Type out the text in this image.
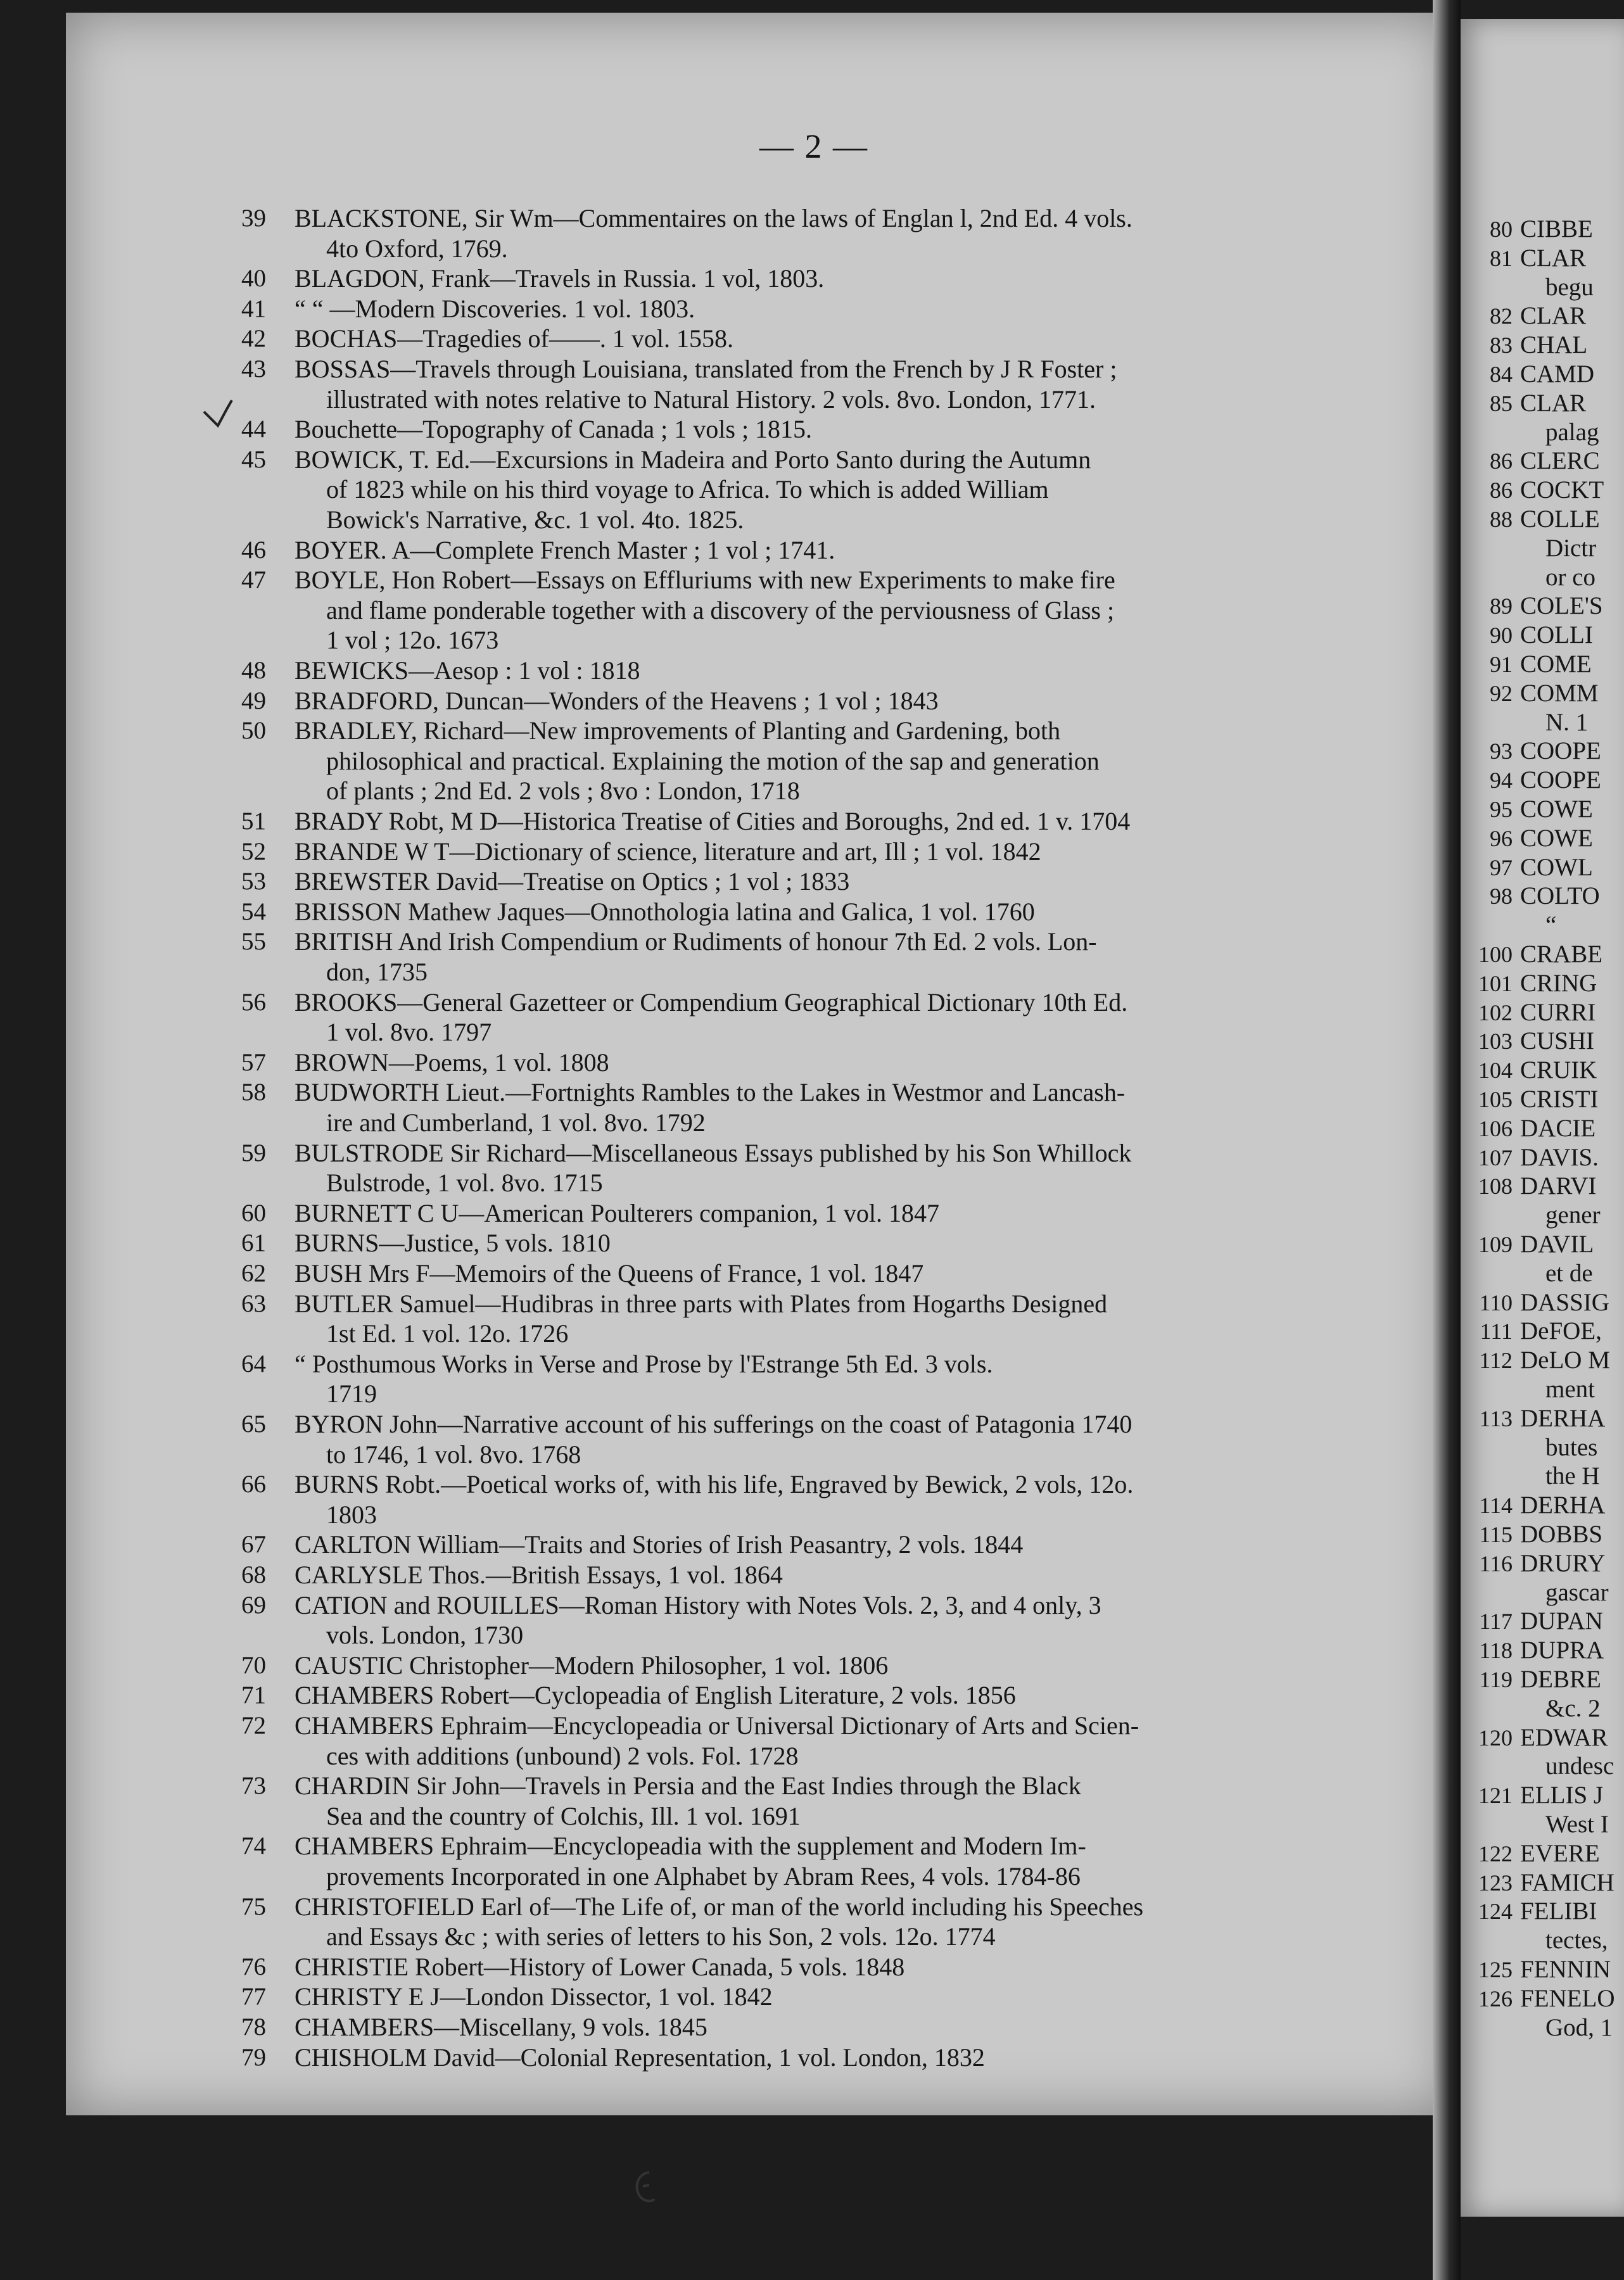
— 2 —
39 BLACKSTONE, Sir Wm—Commentaires on the laws of Englan l, 2nd Ed. 4 vols.
4to Oxford, 1769.
40 BLAGDON, Frank—Travels in Russia. 1 vol, 1803.
41 “ “ —Modern Discoveries. 1 vol. 1803.
42 BOCHAS—Tragedies of——. 1 vol. 1558.
43 BOSSAS—Travels through Louisiana, translated from the French by J R Foster ;
illustrated with notes relative to Natural History. 2 vols. 8vo. London, 1771.
44 Bouchette—Topography of Canada ; 1 vols ; 1815.
45 BOWICK, T. Ed.—Excursions in Madeira and Porto Santo during the Autumn
of 1823 while on his third voyage to Africa. To which is added William
Bowick's Narrative, &c. 1 vol. 4to. 1825.
46 BOYER. A—Complete French Master ; 1 vol ; 1741.
47 BOYLE, Hon Robert—Essays on Effluriums with new Experiments to make fire
and flame ponderable together with a discovery of the perviousness of Glass ;
1 vol ; 12o. 1673
48 BEWICKS—Aesop : 1 vol : 1818
49 BRADFORD, Duncan—Wonders of the Heavens ; 1 vol ; 1843
50 BRADLEY, Richard—New improvements of Planting and Gardening, both
philosophical and practical. Explaining the motion of the sap and generation
of plants ; 2nd Ed. 2 vols ; 8vo : London, 1718
51 BRADY Robt, M D—Historica Treatise of Cities and Boroughs, 2nd ed. 1 v. 1704
52 BRANDE W T—Dictionary of science, literature and art, Ill ; 1 vol. 1842
53 BREWSTER David—Treatise on Optics ; 1 vol ; 1833
54 BRISSON Mathew Jaques—Onnothologia latina and Galica, 1 vol. 1760
55 BRITISH And Irish Compendium or Rudiments of honour 7th Ed. 2 vols. Lon-
don, 1735
56 BROOKS—General Gazetteer or Compendium Geographical Dictionary 10th Ed.
1 vol. 8vo. 1797
57 BROWN—Poems, 1 vol. 1808
58 BUDWORTH Lieut.—Fortnights Rambles to the Lakes in Westmor and Lancash-
ire and Cumberland, 1 vol. 8vo. 1792
59 BULSTRODE Sir Richard—Miscellaneous Essays published by his Son Whillock
Bulstrode, 1 vol. 8vo. 1715
60 BURNETT C U—American Poulterers companion, 1 vol. 1847
61 BURNS—Justice, 5 vols. 1810
62 BUSH Mrs F—Memoirs of the Queens of France, 1 vol. 1847
63 BUTLER Samuel—Hudibras in three parts with Plates from Hogarths Designed
1st Ed. 1 vol. 12o. 1726
64 “ Posthumous Works in Verse and Prose by l'Estrange 5th Ed. 3 vols.
1719
65 BYRON John—Narrative account of his sufferings on the coast of Patagonia 1740
to 1746, 1 vol. 8vo. 1768
66 BURNS Robt.—Poetical works of, with his life, Engraved by Bewick, 2 vols, 12o.
1803
67 CARLTON William—Traits and Stories of Irish Peasantry, 2 vols. 1844
68 CARLYSLE Thos.—British Essays, 1 vol. 1864
69 CATION and ROUILLES—Roman History with Notes Vols. 2, 3, and 4 only, 3
vols. London, 1730
70 CAUSTIC Christopher—Modern Philosopher, 1 vol. 1806
71 CHAMBERS Robert—Cyclopeadia of English Literature, 2 vols. 1856
72 CHAMBERS Ephraim—Encyclopeadia or Universal Dictionary of Arts and Scien-
ces with additions (unbound) 2 vols. Fol. 1728
73 CHARDIN Sir John—Travels in Persia and the East Indies through the Black
Sea and the country of Colchis, Ill. 1 vol. 1691
74 CHAMBERS Ephraim—Encyclopeadia with the supplement and Modern Im-
provements Incorporated in one Alphabet by Abram Rees, 4 vols. 1784-86
75 CHRISTOFIELD Earl of—The Life of, or man of the world including his Speeches
and Essays &c ; with series of letters to his Son, 2 vols. 12o. 1774
76 CHRISTIE Robert—History of Lower Canada, 5 vols. 1848
77 CHRISTY E J—London Dissector, 1 vol. 1842
78 CHAMBERS—Miscellany, 9 vols. 1845
79 CHISHOLM David—Colonial Representation, 1 vol. London, 1832
80 CIBBE
81 CLAR
begu
82 CLAR
83 CHAL
84 CAMD
85 CLAR
palag
86 CLERC
86 COCKT
88 COLLE
Dictr
or co
89 COLE'S
90 COLLI
91 COME
92 COMM
N. 1
93 COOPE
94 COOPE
95 COWE
96 COWE
97 COWL
98 COLTO
“
100 CRABE
101 CRING
102 CURRI
103 CUSHI
104 CRUIK
105 CRISTI
106 DACIE
107 DAVIS.
108 DARVI
gener
109 DAVIL
et de
110 DASSIG
111 DeFOE,
112 DeLO M
ment
113 DERHA
butes
the H
114 DERHA
115 DOBBS
116 DRURY
gascar
117 DUPAN
118 DUPRA
119 DEBRE
&c. 2
120 EDWAR
undesc
121 ELLIS J
West I
122 EVERE
123 FAMICH
124 FELIBI
tectes,
125 FENNIN
126 FENELO
God, 1
